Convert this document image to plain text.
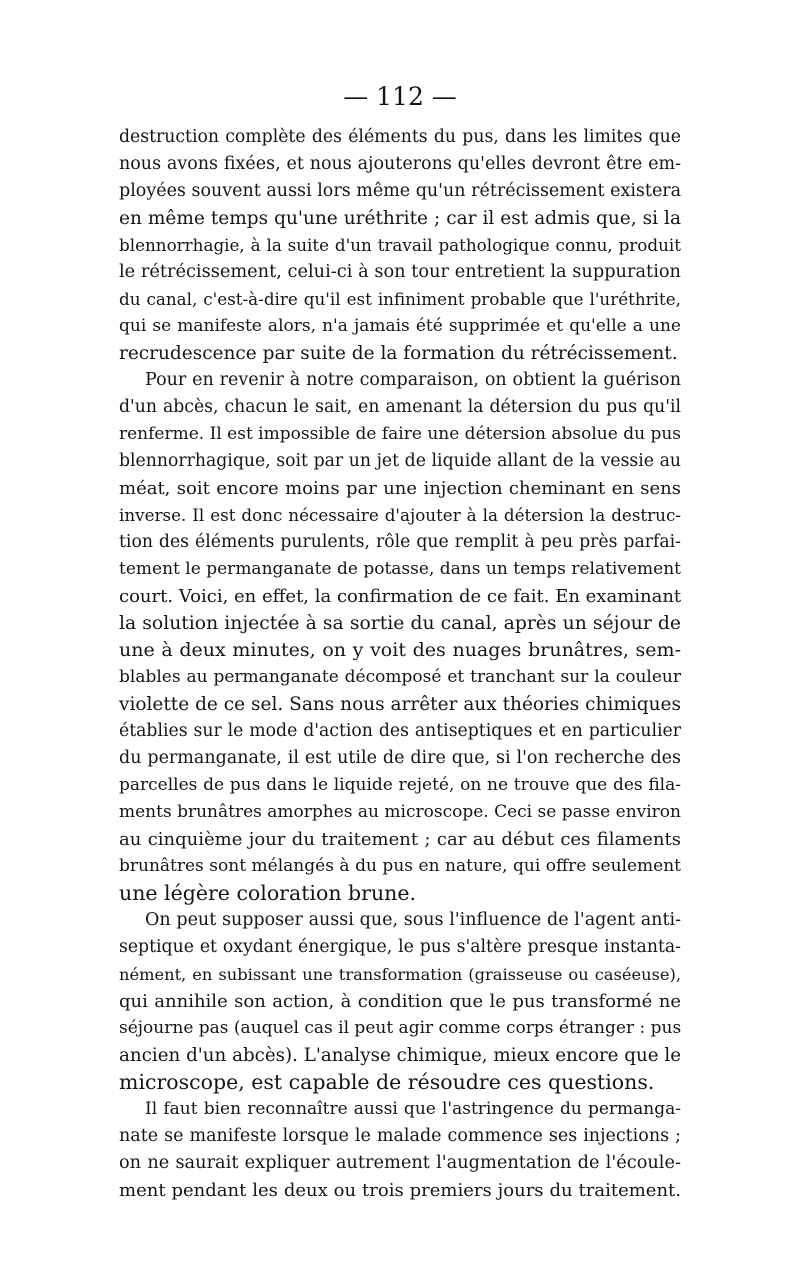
— 112 —
destruction complète des éléments du pus, dans les limites que
nous avons fixées, et nous ajouterons qu'elles devront être em-
ployées souvent aussi lors même qu'un rétrécissement existera
en même temps qu'une uréthrite ; car il est admis que, si la
blennorrhagie, à la suite d'un travail pathologique connu, produit
le rétrécissement, celui-ci à son tour entretient la suppuration
du canal, c'est-à-dire qu'il est infiniment probable que l'uréthrite,
qui se manifeste alors, n'a jamais été supprimée et qu'elle a une
recrudescence par suite de la formation du rétrécissement.
Pour en revenir à notre comparaison, on obtient la guérison
d'un abcès, chacun le sait, en amenant la détersion du pus qu'il
renferme. Il est impossible de faire une détersion absolue du pus
blennorrhagique, soit par un jet de liquide allant de la vessie au
méat, soit encore moins par une injection cheminant en sens
inverse. Il est donc nécessaire d'ajouter à la détersion la destruc-
tion des éléments purulents, rôle que remplit à peu près parfai-
tement le permanganate de potasse, dans un temps relativement
court. Voici, en effet, la confirmation de ce fait. En examinant
la solution injectée à sa sortie du canal, après un séjour de
une à deux minutes, on y voit des nuages brunâtres, sem-
blables au permanganate décomposé et tranchant sur la couleur
violette de ce sel. Sans nous arrêter aux théories chimiques
établies sur le mode d'action des antiseptiques et en particulier
du permanganate, il est utile de dire que, si l'on recherche des
parcelles de pus dans le liquide rejeté, on ne trouve que des fila-
ments brunâtres amorphes au microscope. Ceci se passe environ
au cinquième jour du traitement ; car au début ces filaments
brunâtres sont mélangés à du pus en nature, qui offre seulement
une légère coloration brune.
On peut supposer aussi que, sous l'influence de l'agent anti-
septique et oxydant énergique, le pus s'altère presque instanta-
nément, en subissant une transformation (graisseuse ou caséeuse),
qui annihile son action, à condition que le pus transformé ne
séjourne pas (auquel cas il peut agir comme corps étranger : pus
ancien d'un abcès). L'analyse chimique, mieux encore que le
microscope, est capable de résoudre ces questions.
Il faut bien reconnaître aussi que l'astringence du permanga-
nate se manifeste lorsque le malade commence ses injections ;
on ne saurait expliquer autrement l'augmentation de l'écoule-
ment pendant les deux ou trois premiers jours du traitement.
